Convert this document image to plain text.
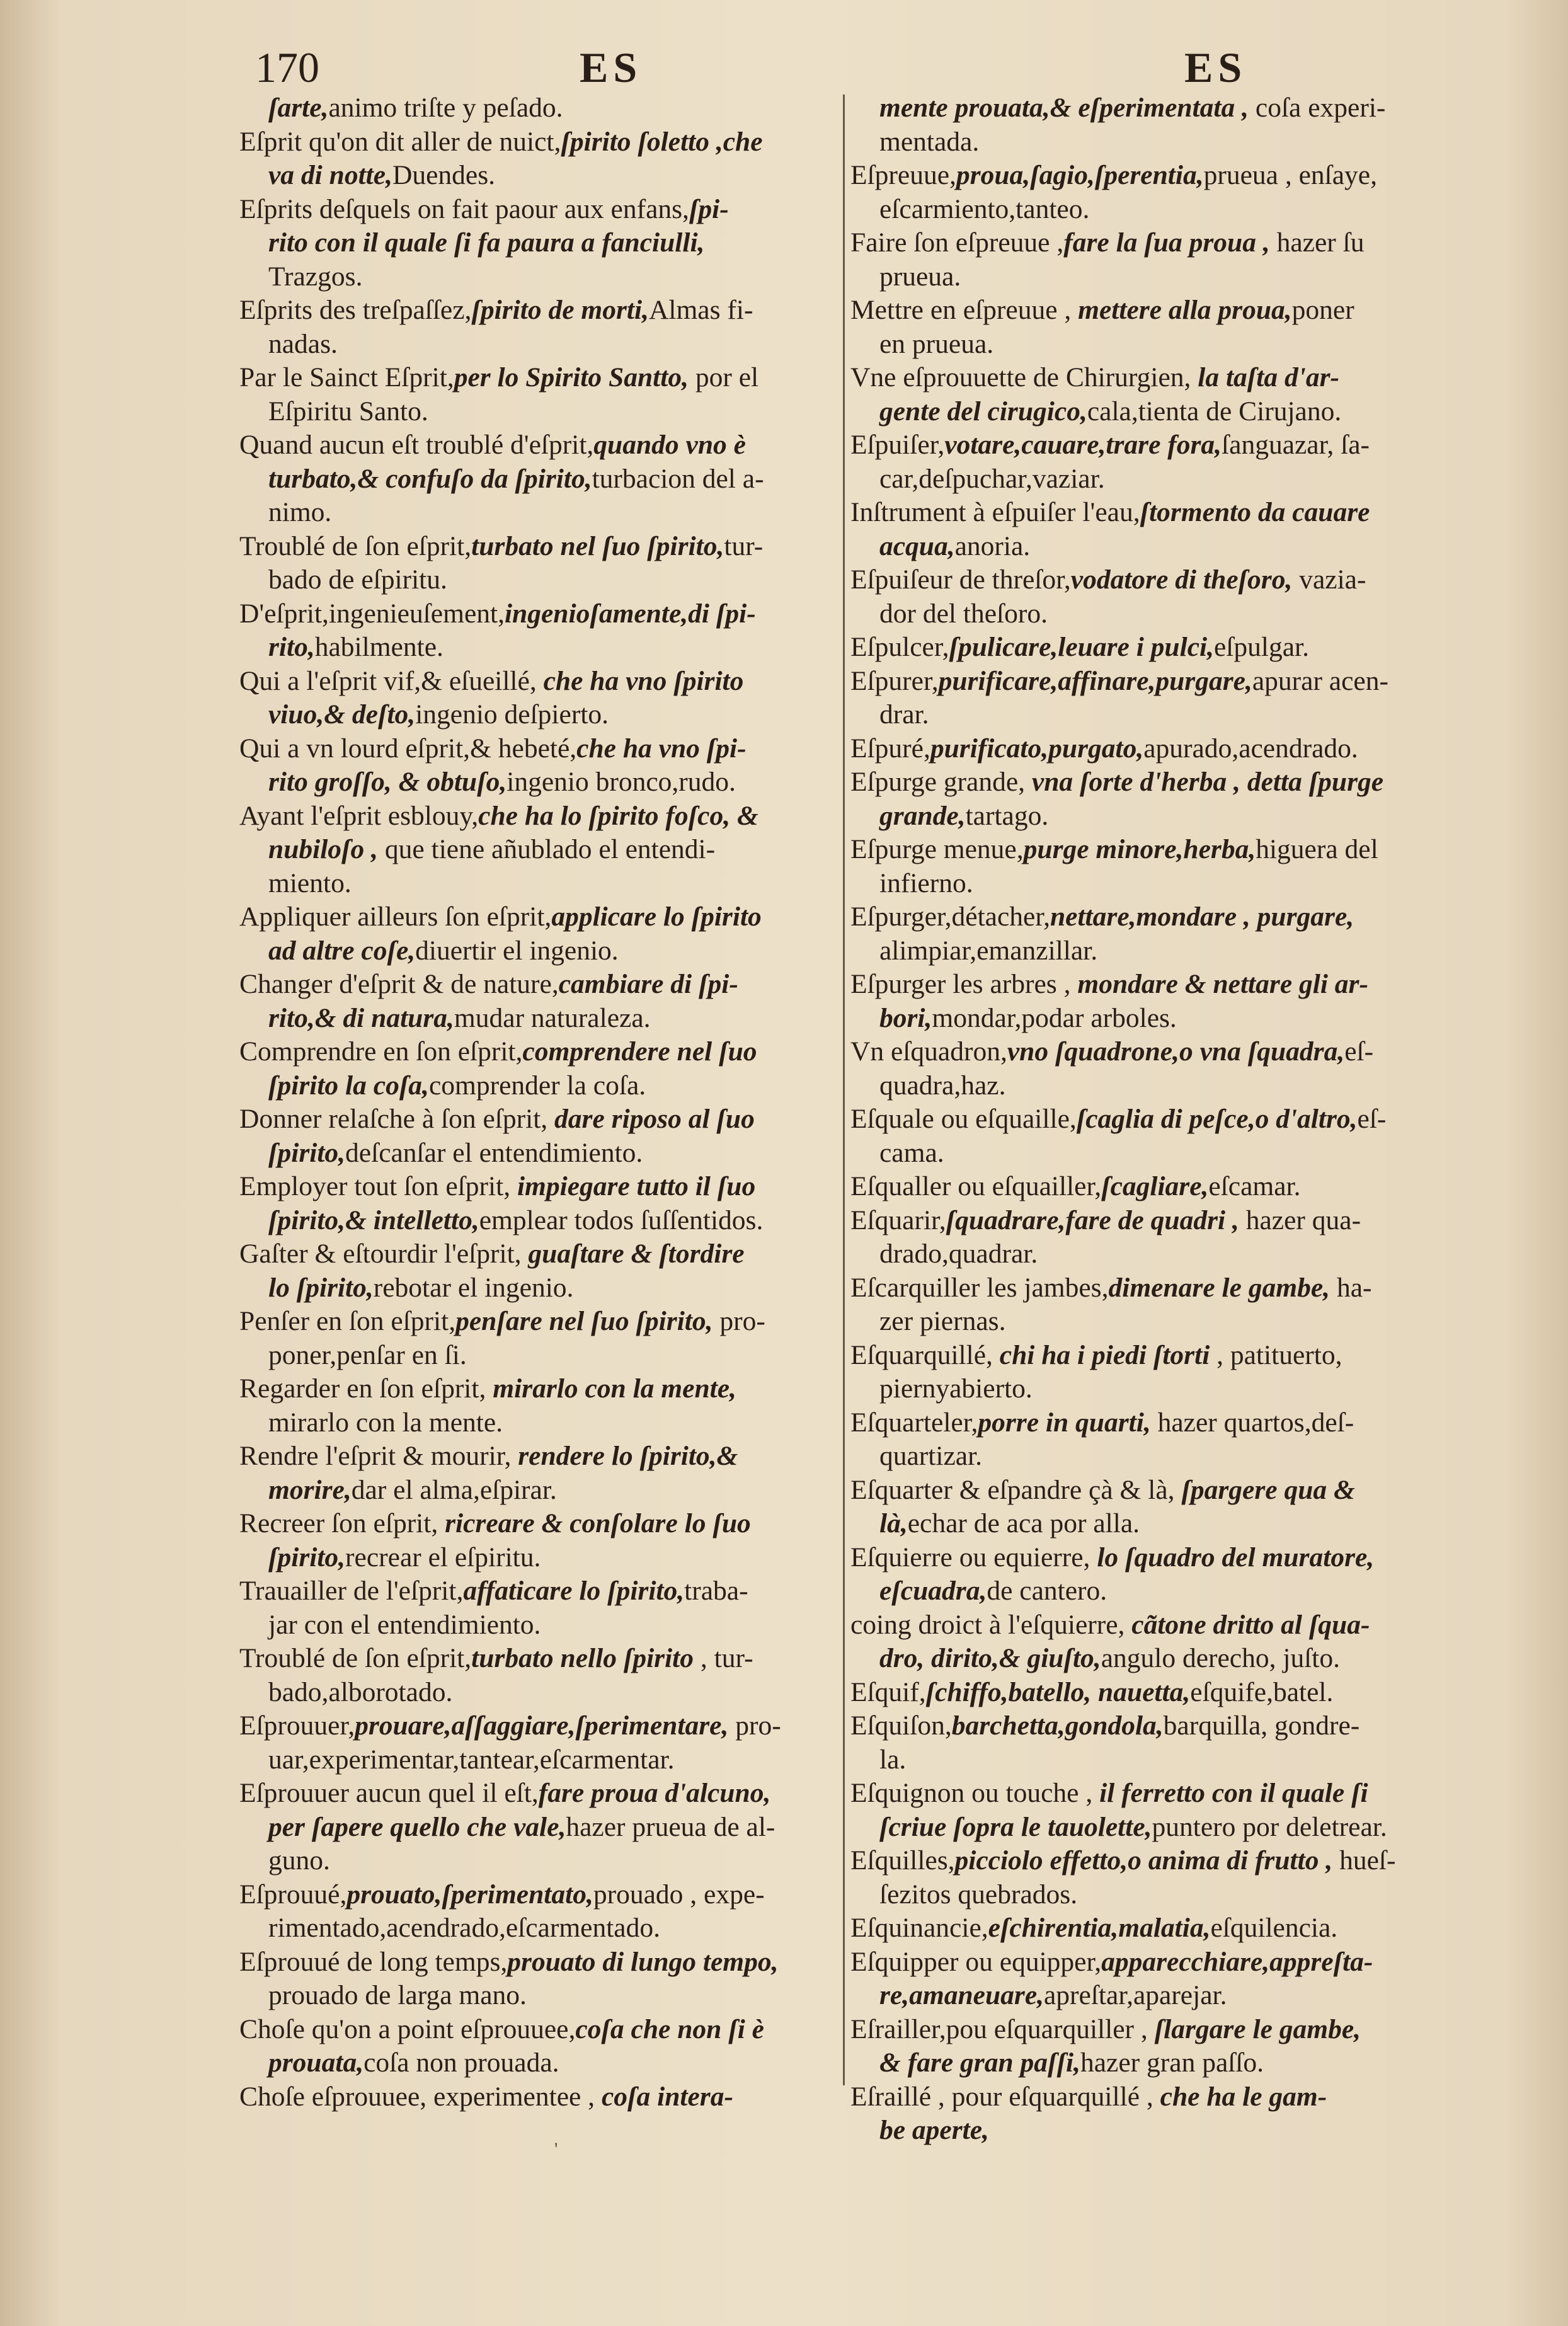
170	ES	ES
ſarte,animo triſte y peſado.
Eſprit qu'on dit aller de nuict,ſpirito ſoletto ,che
va di notte,Duendes.
Eſprits deſquels on fait paour aux enfans,ſpi-
rito con il quale ſi fa paura a fanciulli,
Trazgos.
Eſprits des treſpaſſez,ſpirito de morti,Almas fi-
nadas.
Par le Sainct Eſprit,per lo Spirito Santto, por el
Eſpiritu Santo.
Quand aucun eſt troublé d'eſprit,quando vno è
turbato,& confuſo da ſpirito,turbacion del a-
nimo.
Troublé de ſon eſprit,turbato nel ſuo ſpirito,tur-
bado de eſpiritu.
D'eſprit,ingenieuſement,ingenioſamente,di ſpi-
rito,habilmente.
Qui a l'eſprit vif,& eſueillé, che ha vno ſpirito
viuo,& deſto,ingenio deſpierto.
Qui a vn lourd eſprit,& hebeté,che ha vno ſpi-
rito groſſo, & obtuſo,ingenio bronco,rudo.
Ayant l'eſprit esblouy,che ha lo ſpirito foſco, &
nubiloſo , que tiene añublado el entendi-
miento.
Appliquer ailleurs ſon eſprit,applicare lo ſpirito
ad altre coſe,diuertir el ingenio.
Changer d'eſprit & de nature,cambiare di ſpi-
rito,& di natura,mudar naturaleza.
Comprendre en ſon eſprit,comprendere nel ſuo
ſpirito la coſa,comprender la coſa.
Donner relaſche à ſon eſprit, dare riposo al ſuo
ſpirito,deſcanſar el entendimiento.
Employer tout ſon eſprit, impiegare tutto il ſuo
ſpirito,& intelletto,emplear todos ſuſſentidos.
Gaſter & eſtourdir l'eſprit, guaſtare & ſtordire
lo ſpirito,rebotar el ingenio.
Penſer en ſon eſprit,penſare nel ſuo ſpirito, pro-
poner,penſar en ſi.
Regarder en ſon eſprit, mirarlo con la mente,
mirarlo con la mente.
Rendre l'eſprit & mourir, rendere lo ſpirito,&
morire,dar el alma,eſpirar.
Recreer ſon eſprit, ricreare & conſolare lo ſuo
ſpirito,recrear el eſpiritu.
Trauailler de l'eſprit,affaticare lo ſpirito,traba-
jar con el entendimiento.
Troublé de ſon eſprit,turbato nello ſpirito , tur-
bado,alborotado.
Eſprouuer,prouare,aſſaggiare,ſperimentare, pro-
uar,experimentar,tantear,eſcarmentar.
Eſprouuer aucun quel il eſt,fare proua d'alcuno,
per ſapere quello che vale,hazer prueua de al-
guno.
Eſprouué,prouato,ſperimentato,prouado , expe-
rimentado,acendrado,eſcarmentado.
Eſprouué de long temps,prouato di lungo tempo,
prouado de larga mano.
Choſe qu'on a point eſprouuee,coſa che non ſi è
prouata,coſa non prouada.
Choſe eſprouuee, experimentee , coſa intera-
mente prouata,& eſperimentata , coſa experi-
mentada.
Eſpreuue,proua,ſagio,ſperentia,prueua , enſaye,
eſcarmiento,tanteo.
Faire ſon eſpreuue ,fare la ſua proua , hazer ſu
prueua.
Mettre en eſpreuue , mettere alla proua,poner
en prueua.
Vne eſprouuette de Chirurgien, la taſta d'ar-
gente del cirugico,cala,tienta de Cirujano.
Eſpuiſer,votare,cauare,trare fora,ſanguazar, ſa-
car,deſpuchar,vaziar.
Inſtrument à eſpuiſer l'eau,ſtormento da cauare
acqua,anoria.
Eſpuiſeur de threſor,vodatore di theſoro, vazia-
dor del theſoro.
Eſpulcer,ſpulicare,leuare i pulci,eſpulgar.
Eſpurer,purificare,affinare,purgare,apurar acen-
drar.
Eſpuré,purificato,purgato,apurado,acendrado.
Eſpurge grande, vna ſorte d'herba , detta ſpurge
grande,tartago.
Eſpurge menue,purge minore,herba,higuera del
infierno.
Eſpurger,détacher,nettare,mondare , purgare,
alimpiar,emanzillar.
Eſpurger les arbres , mondare & nettare gli ar-
bori,mondar,podar arboles.
Vn eſquadron,vno ſquadrone,o vna ſquadra,eſ-
quadra,haz.
Eſquale ou eſquaille,ſcaglia di peſce,o d'altro,eſ-
cama.
Eſqualler ou eſquailler,ſcagliare,eſcamar.
Eſquarir,ſquadrare,fare de quadri , hazer qua-
drado,quadrar.
Eſcarquiller les jambes,dimenare le gambe, ha-
zer piernas.
Eſquarquillé, chi ha i piedi ſtorti , patituerto,
piernyabierto.
Eſquarteler,porre in quarti, hazer quartos,deſ-
quartizar.
Eſquarter & eſpandre çà & là, ſpargere qua &
là,echar de aca por alla.
Eſquierre ou equierre, lo ſquadro del muratore,
eſcuadra,de cantero.
coing droict à l'eſquierre, cãtone dritto al ſqua-
dro, dirito,& giuſto,angulo derecho, juſto.
Eſquif,ſchiffo,batello, nauetta,eſquife,batel.
Eſquiſon,barchetta,gondola,barquilla, gondre-
la.
Eſquignon ou touche , il ferretto con il quale ſi
ſcriue ſopra le tauolette,puntero por deletrear.
Eſquilles,picciolo effetto,o anima di frutto , hueſ-
ſezitos quebrados.
Eſquinancie,eſchirentia,malatia,eſquilencia.
Eſquipper ou equipper,apparecchiare,appreſta-
re,amaneuare,apreſtar,aparejar.
Eſrailler,pou eſquarquiller , ſlargare le gambe,
& fare gran paſſi,hazer gran paſſo.
Eſraillé , pour eſquarquillé , che ha le gam-
be aperte,
'
